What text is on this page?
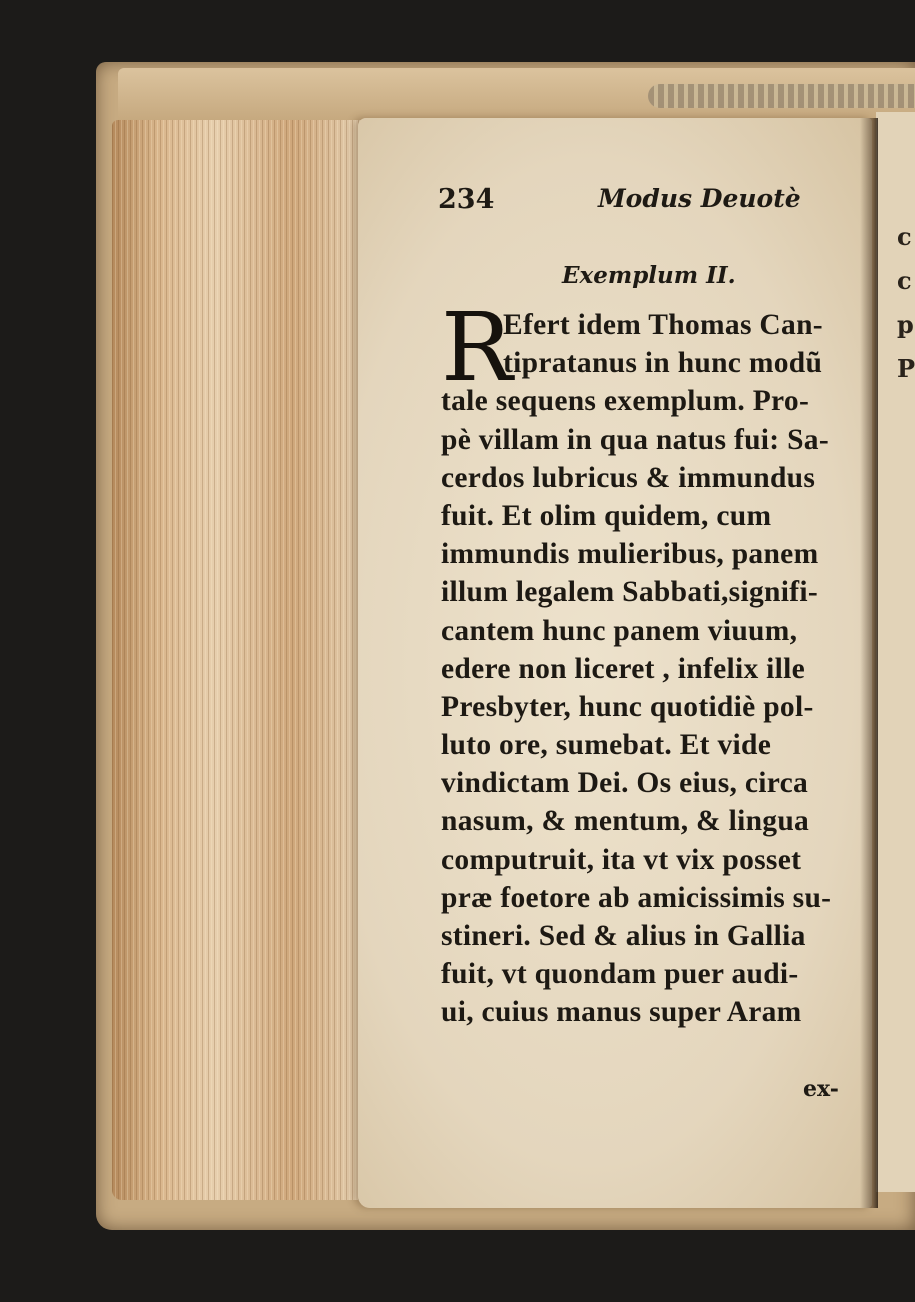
c
c
p
P
234	Modus Deuotè
Exemplum II.
R
Efert idem Thomas Can-
tipratanus in hunc modũ
tale sequens exemplum. Pro-
pè villam in qua natus fui: Sa-
cerdos lubricus & immundus
fuit. Et olim quidem, cum
immundis mulieribus, panem
illum legalem Sabbati,signifi-
cantem hunc panem viuum,
edere non liceret , infelix ille
Presbyter, hunc quotidiè pol-
luto ore, sumebat. Et vide
vindictam Dei. Os eius, circa
nasum, & mentum, & lingua
computruit, ita vt vix posset
præ foetore ab amicissimis su-
stineri. Sed & alius in Gallia
fuit, vt quondam puer audi-
ui, cuius manus super Aram
ex-
